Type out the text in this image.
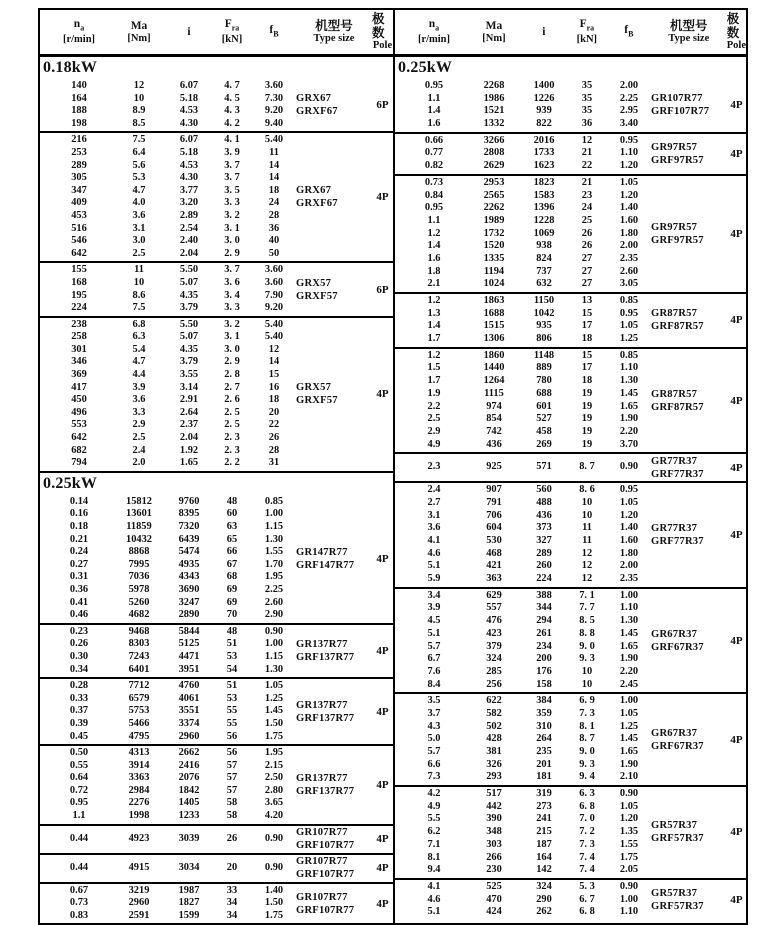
$n_a$
[r/min]
Ma
[Nm]
i
$F_{ra}$
[kN]
$f_B$
机型号
Type size
极数
Pole
0.18kW
140	12	6.07	4. 7	3.60
164	10	5.18	4. 5	7.30
188	8.9	4.53	4. 3	9.20
198	8.5	4.30	4. 2	9.40
GRX67
GRXF67
6P
216	7.5	6.07	4. 1	5.40
253	6.4	5.18	3. 9	11
289	5.6	4.53	3. 7	14
305	5.3	4.30	3. 7	14
347	4.7	3.77	3. 5	18
409	4.0	3.20	3. 3	24
453	3.6	2.89	3. 2	28
516	3.1	2.54	3. 1	36
546	3.0	2.40	3. 0	40
642	2.5	2.04	2. 9	50
GRX67
GRXF67
4P
155	11	5.50	3. 7	3.60
168	10	5.07	3. 6	3.60
195	8.6	4.35	3. 4	7.90
224	7.5	3.79	3. 3	9.20
GRX57
GRXF57
6P
238	6.8	5.50	3. 2	5.40
258	6.3	5.07	3. 1	5.40
301	5.4	4.35	3. 0	12
346	4.7	3.79	2. 9	14
369	4.4	3.55	2. 8	15
417	3.9	3.14	2. 7	16
450	3.6	2.91	2. 6	18
496	3.3	2.64	2. 5	20
553	2.9	2.37	2. 5	22
642	2.5	2.04	2. 3	26
682	2.4	1.92	2. 3	28
794	2.0	1.65	2. 2	31
GRX57
GRXF57
4P
0.25kW
0.14	15812	9760	48	0.85
0.16	13601	8395	60	1.00
0.18	11859	7320	63	1.15
0.21	10432	6439	65	1.30
0.24	8868	5474	66	1.55
0.27	7995	4935	67	1.70
0.31	7036	4343	68	1.95
0.36	5978	3690	69	2.25
0.41	5260	3247	69	2.60
0.46	4682	2890	70	2.90
GR147R77
GRF147R77
4P
0.23	9468	5844	48	0.90
0.26	8303	5125	51	1.00
0.30	7243	4471	53	1.15
0.34	6401	3951	54	1.30
GR137R77
GRF137R77
4P
0.28	7712	4760	51	1.05
0.33	6579	4061	53	1.25
0.37	5753	3551	55	1.45
0.39	5466	3374	55	1.50
0.45	4795	2960	56	1.75
GR137R77
GRF137R77
4P
0.50	4313	2662	56	1.95
0.55	3914	2416	57	2.15
0.64	3363	2076	57	2.50
0.72	2984	1842	57	2.80
0.95	2276	1405	58	3.65
1.1	1998	1233	58	4.20
GR137R77
GRF137R77
4P
0.44	4923	3039	26	0.90
GR107R77
GRF107R77
4P
0.44	4915	3034	20	0.90
GR107R77
GRF107R77
4P
0.67	3219	1987	33	1.40
0.73	2960	1827	34	1.50
0.83	2591	1599	34	1.75
GR107R77
GRF107R77
4P
$n_a$
[r/min]
Ma
[Nm]
i
$F_{ra}$
[kN]
$f_B$
机型号
Type size
极数
Pole
0.25kW
0.95	2268	1400	35	2.00
1.1	1986	1226	35	2.25
1.4	1521	939	35	2.95
1.6	1332	822	36	3.40
GR107R77
GRF107R77
4P
0.66	3266	2016	12	0.95
0.77	2808	1733	21	1.10
0.82	2629	1623	22	1.20
GR97R57
GRF97R57
4P
0.73	2953	1823	21	1.05
0.84	2565	1583	23	1.20
0.95	2262	1396	24	1.40
1.1	1989	1228	25	1.60
1.2	1732	1069	26	1.80
1.4	1520	938	26	2.00
1.6	1335	824	27	2.35
1.8	1194	737	27	2.60
2.1	1024	632	27	3.05
GR97R57
GRF97R57
4P
1.2	1863	1150	13	0.85
1.3	1688	1042	15	0.95
1.4	1515	935	17	1.05
1.7	1306	806	18	1.25
GR87R57
GRF87R57
4P
1.2	1860	1148	15	0.85
1.5	1440	889	17	1.10
1.7	1264	780	18	1.30
1.9	1115	688	19	1.45
2.2	974	601	19	1.65
2.5	854	527	19	1.90
2.9	742	458	19	2.20
4.9	436	269	19	3.70
GR87R57
GRF87R57
4P
2.3	925	571	8. 7	0.90
GR77R37
GRF77R37
4P
2.4	907	560	8. 6	0.95
2.7	791	488	10	1.05
3.1	706	436	10	1.20
3.6	604	373	11	1.40
4.1	530	327	11	1.60
4.6	468	289	12	1.80
5.1	421	260	12	2.00
5.9	363	224	12	2.35
GR77R37
GRF77R37
4P
3.4	629	388	7. 1	1.00
3.9	557	344	7. 7	1.10
4.5	476	294	8. 5	1.30
5.1	423	261	8. 8	1.45
5.7	379	234	9. 0	1.65
6.7	324	200	9. 3	1.90
7.6	285	176	10	2.20
8.4	256	158	10	2.45
GR67R37
GRF67R37
4P
3.5	622	384	6. 9	1.00
3.7	582	359	7. 3	1.05
4.3	502	310	8. 1	1.25
5.0	428	264	8. 7	1.45
5.7	381	235	9. 0	1.65
6.6	326	201	9. 3	1.90
7.3	293	181	9. 4	2.10
GR67R37
GRF67R37
4P
4.2	517	319	6. 3	0.90
4.9	442	273	6. 8	1.05
5.5	390	241	7. 0	1.20
6.2	348	215	7. 2	1.35
7.1	303	187	7. 3	1.55
8.1	266	164	7. 4	1.75
9.4	230	142	7. 4	2.05
GR57R37
GRF57R37
4P
4.1	525	324	5. 3	0.90
4.6	470	290	6. 7	1.00
5.1	424	262	6. 8	1.10
GR57R37
GRF57R37
4P
